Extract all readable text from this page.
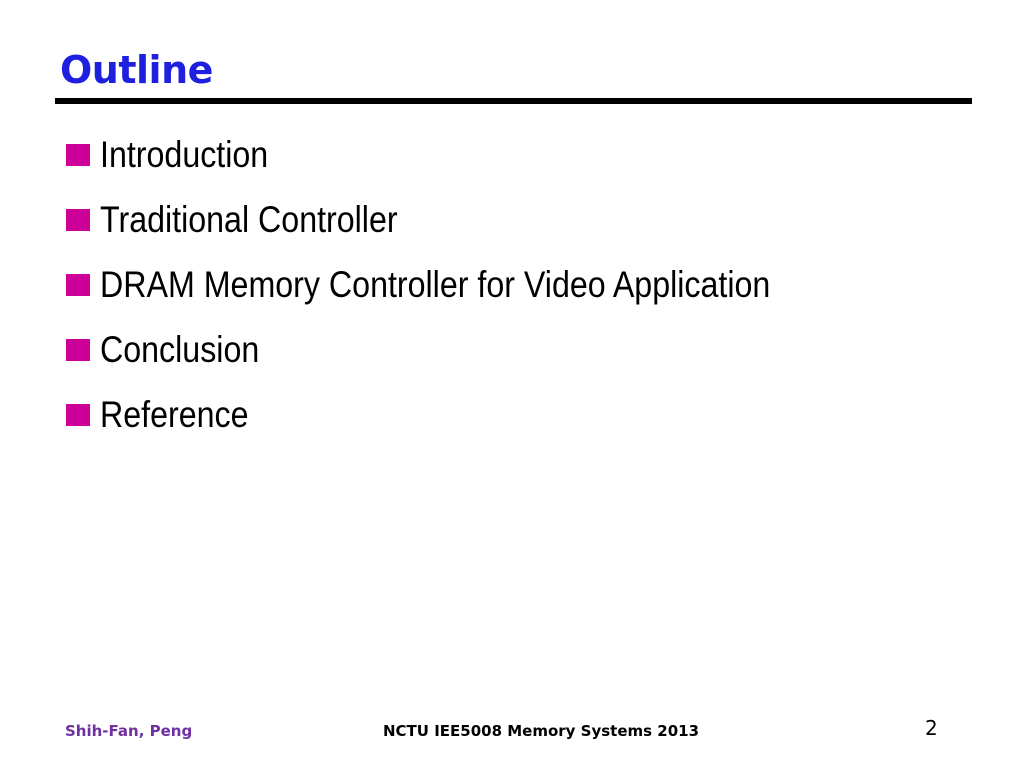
Outline
Introduction
Traditional Controller
DRAM Memory Controller for Video Application
Conclusion
Reference
Shih-Fan, Peng	NCTU IEE5008 Memory Systems 2013	2
